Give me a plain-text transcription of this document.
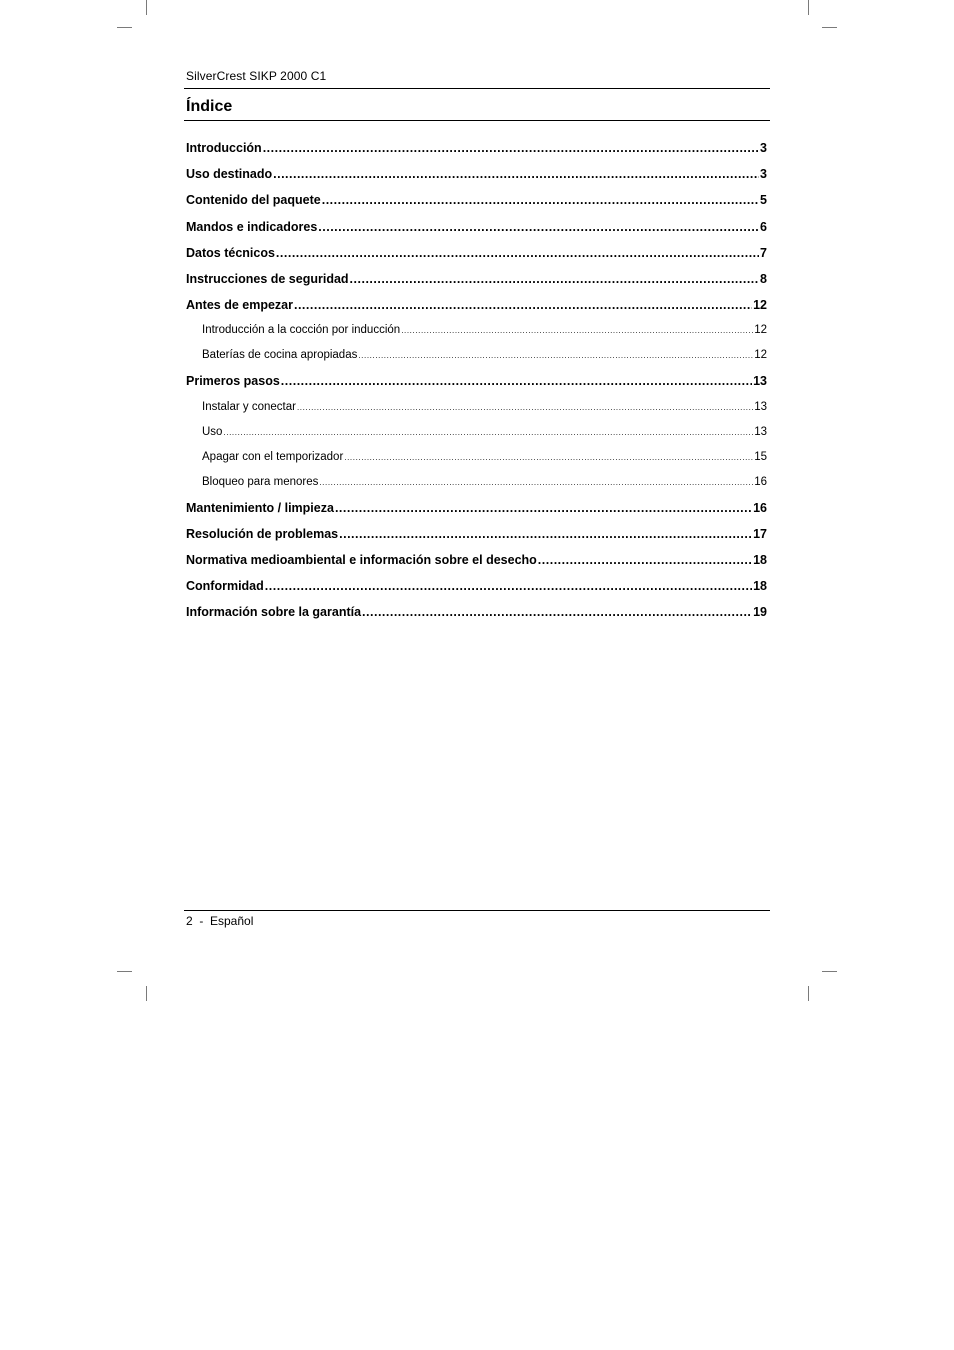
SilverCrest SIKP 2000 C1
Índice
Introducción .....	3
Uso destinado .....	3
Contenido del paquete .....	5
Mandos e indicadores .....	6
Datos técnicos .....	7
Instrucciones de seguridad .....	8
Antes de empezar .....	12
Introducción a la cocción por inducción .....	12
Baterías de cocina apropiadas .....	12
Primeros pasos .....	13
Instalar y conectar .....	13
Uso .....	13
Apagar con el temporizador .....	15
Bloqueo para menores .....	16
Mantenimiento / limpieza .....	16
Resolución de problemas .....	17
Normativa medioambiental e información sobre el desecho .....	18
Conformidad .....	18
Información sobre la garantía .....	19
2  -  Español
